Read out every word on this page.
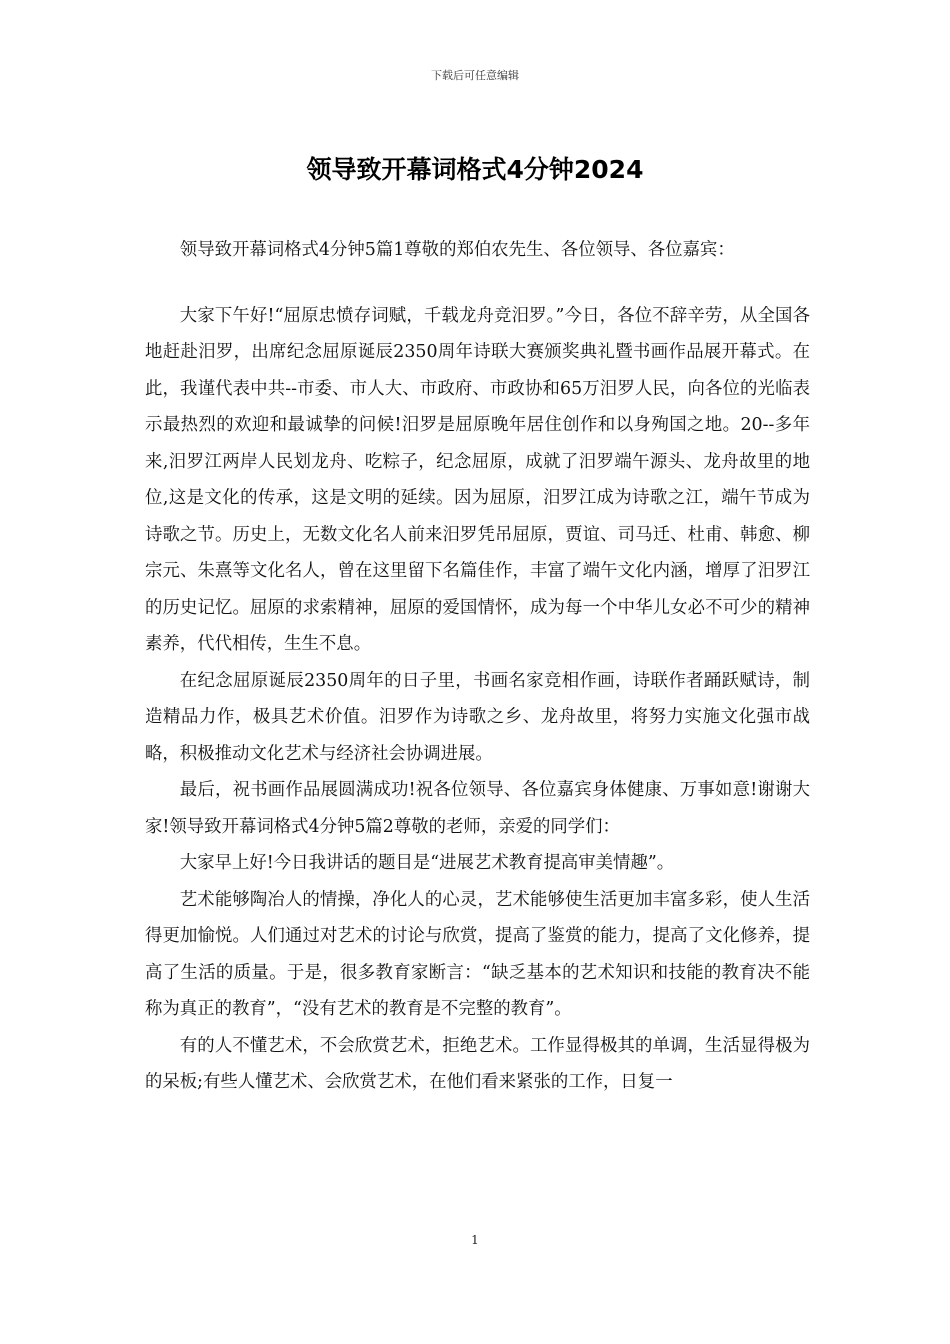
下载后可任意编辑
领导致开幕词格式4分钟2024

领导致开幕词格式4分钟5篇1尊敬的郑伯农先生、各位领导、各位嘉宾：

大家下午好!“屈原忠愤存词赋，千载龙舟竞汨罗。”今日，各位不辞辛劳，从全国各地赶赴汨罗，出席纪念屈原诞辰2350周年诗联大赛颁奖典礼暨书画作品展开幕式。在此，我谨代表中共--市委、市人大、市政府、市政协和65万汨罗人民，向各位的光临表示最热烈的欢迎和最诚挚的问候!汨罗是屈原晚年居住创作和以身殉国之地。20--多年来,汨罗江两岸人民划龙舟、吃粽子，纪念屈原，成就了汨罗端午源头、龙舟故里的地位,这是文化的传承，这是文明的延续。因为屈原，汨罗江成为诗歌之江，端午节成为诗歌之节。历史上，无数文化名人前来汨罗凭吊屈原，贾谊、司马迁、杜甫、韩愈、柳宗元、朱熹等文化名人，曾在这里留下名篇佳作，丰富了端午文化内涵，增厚了汨罗江的历史记忆。屈原的求索精神，屈原的爱国情怀，成为每一个中华儿女必不可少的精神素养，代代相传，生生不息。

在纪念屈原诞辰2350周年的日子里，书画名家竞相作画，诗联作者踊跃赋诗，制造精品力作，极具艺术价值。汨罗作为诗歌之乡、龙舟故里，将努力实施文化强市战略，积极推动文化艺术与经济社会协调进展。

最后，祝书画作品展圆满成功!祝各位领导、各位嘉宾身体健康、万事如意!谢谢大家!领导致开幕词格式4分钟5篇2尊敬的老师，亲爱的同学们：

大家早上好!今日我讲话的题目是“进展艺术教育提高审美情趣”。

艺术能够陶冶人的情操，净化人的心灵，艺术能够使生活更加丰富多彩，使人生活得更加愉悦。人们通过对艺术的讨论与欣赏，提高了鉴赏的能力，提高了文化修养，提高了生活的质量。于是，很多教育家断言：“缺乏基本的艺术知识和技能的教育决不能称为真正的教育”，“没有艺术的教育是不完整的教育”。

有的人不懂艺术，不会欣赏艺术，拒绝艺术。工作显得极其的单调，生活显得极为的呆板;有些人懂艺术、会欣赏艺术，在他们看来紧张的工作，日复一

1
